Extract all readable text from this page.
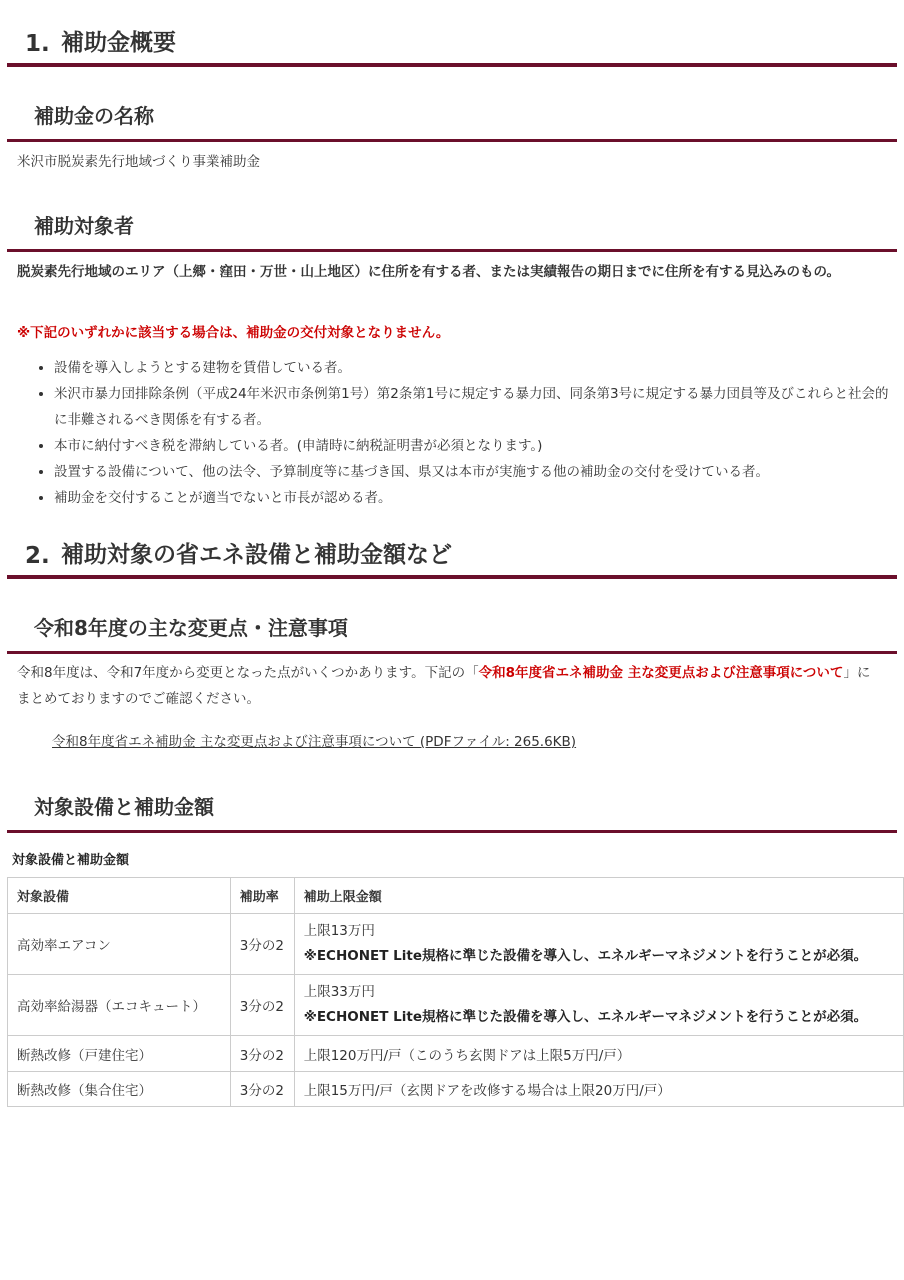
1. 補助金概要
補助金の名称
米沢市脱炭素先行地域づくり事業補助金
補助対象者
脱炭素先行地域のエリア（上郷・窪田・万世・山上地区）に住所を有する者、または実績報告の期日までに住所を有する見込みのもの。
※下記のいずれかに該当する場合は、補助金の交付対象となりません。
• 設備を導入しようとする建物を賃借している者。
• 米沢市暴力団排除条例（平成24年米沢市条例第1号）第2条第1号に規定する暴力団、同条第3号に規定する暴力団員等及びこれらと社会的に非難されるべき関係を有する者。
• 本市に納付すべき税を滞納している者。(申請時に納税証明書が必須となります。)
• 設置する設備について、他の法令、予算制度等に基づき国、県又は本市が実施する他の補助金の交付を受けている者。
• 補助金を交付することが適当でないと市長が認める者。
2. 補助対象の省エネ設備と補助金額など
令和8年度の主な変更点・注意事項
令和8年度は、令和7年度から変更となった点がいくつかあります。下記の「令和8年度省エネ補助金 主な変更点および注意事項について」にまとめておりますのでご確認ください。
令和8年度省エネ補助金 主な変更点および注意事項について (PDFファイル: 265.6KB)
対象設備と補助金額
対象設備と補助金額
対象設備	補助率	補助上限金額
高効率エアコン	3分の2	上限13万円
※ECHONET Lite規格に準じた設備を導入し、エネルギーマネジメントを行うことが必須。

高効率給湯器（エコキュート）	3分の2	上限33万円
※ECHONET Lite規格に準じた設備を導入し、エネルギーマネジメントを行うことが必須。

断熱改修（戸建住宅）	3分の2	上限120万円/戸（このうち玄関ドアは上限5万円/戸）
断熱改修（集合住宅）	3分の2	上限15万円/戸（玄関ドアを改修する場合は上限20万円/戸）
